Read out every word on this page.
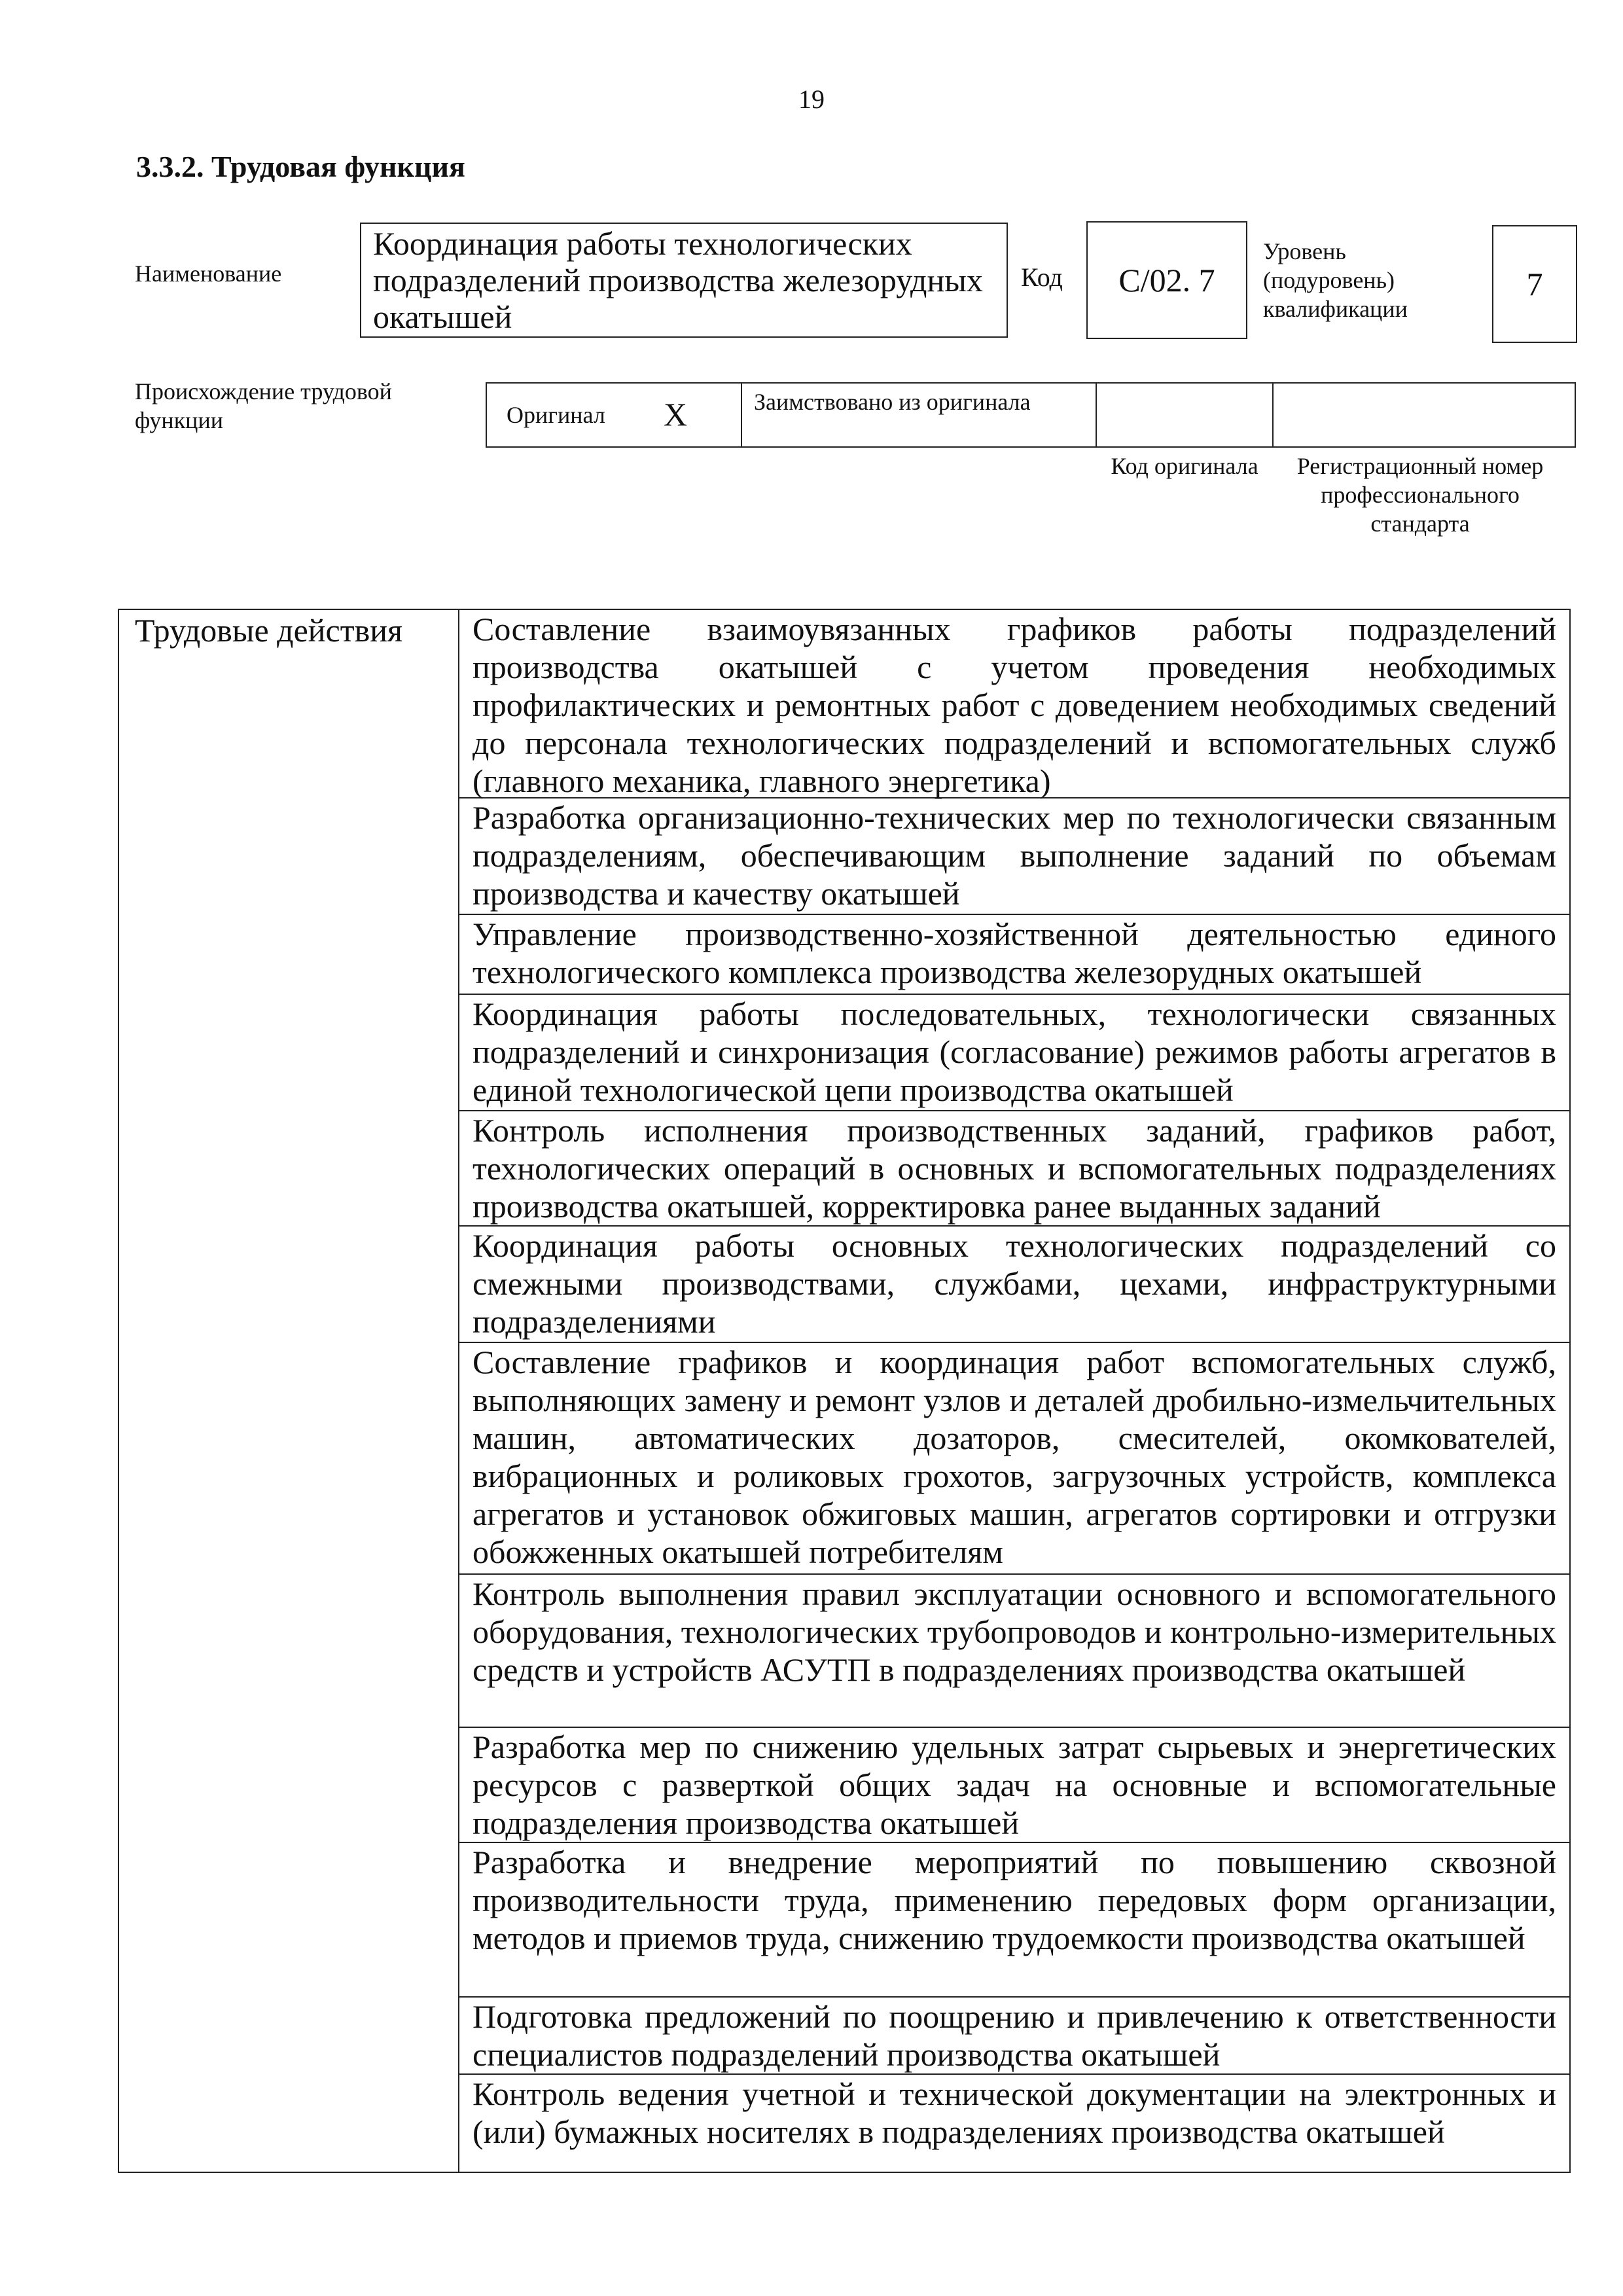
19
3.3.2. Трудовая функция
Наименование
Координация работы технологических подразделений производства железорудных окатышей
Код C/02. 7
Уровень (подуровень) квалификации
7
Происхождение трудовой функции	Оригинал X	Заимствовано из оригинала
Код оригинала	Регистрационный номер профессионального стандарта
Трудовые действия	Составление взаимоувязанных графиков работы подразделений производства окатышей с учетом проведения необходимых профилактических и ремонтных работ с доведением необходимых сведений до персонала технологических подразделений и вспомогательных служб (главного механика, главного энергетика)
Разработка организационно-технических мер по технологически связанным подразделениям, обеспечивающим выполнение заданий по объемам производства и качеству окатышей
Управление производственно-хозяйственной деятельностью единого технологического комплекса производства железорудных окатышей
Координация работы последовательных, технологически связанных подразделений и синхронизация (согласование) режимов работы агрегатов в единой технологической цепи производства окатышей
Контроль исполнения производственных заданий, графиков работ, технологических операций в основных и вспомогательных подразделениях производства окатышей, корректировка ранее выданных заданий
Координация работы основных технологических подразделений со смежными производствами, службами, цехами, инфраструктурными подразделениями
Составление графиков и координация работ вспомогательных служб, выполняющих замену и ремонт узлов и деталей дробильно-измельчительных машин, автоматических дозаторов, смесителей, окомкователей, вибрационных и роликовых грохотов, загрузочных устройств, комплекса агрегатов и установок обжиговых машин, агрегатов сортировки и отгрузки обожженных окатышей потребителям
Контроль выполнения правил эксплуатации основного и вспомогательного оборудования, технологических трубопроводов и контрольно-измерительных средств и устройств АСУТП в подразделениях производства окатышей
Разработка мер по снижению удельных затрат сырьевых и энергетических ресурсов с разверткой общих задач на основные и вспомогательные подразделения производства окатышей
Разработка и внедрение мероприятий по повышению сквозной производительности труда, применению передовых форм организации, методов и приемов труда, снижению трудоемкости производства окатышей
Подготовка предложений по поощрению и привлечению к ответственности специалистов подразделений производства окатышей
Контроль ведения учетной и технической документации на электронных и (или) бумажных носителях в подразделениях производства окатышей
